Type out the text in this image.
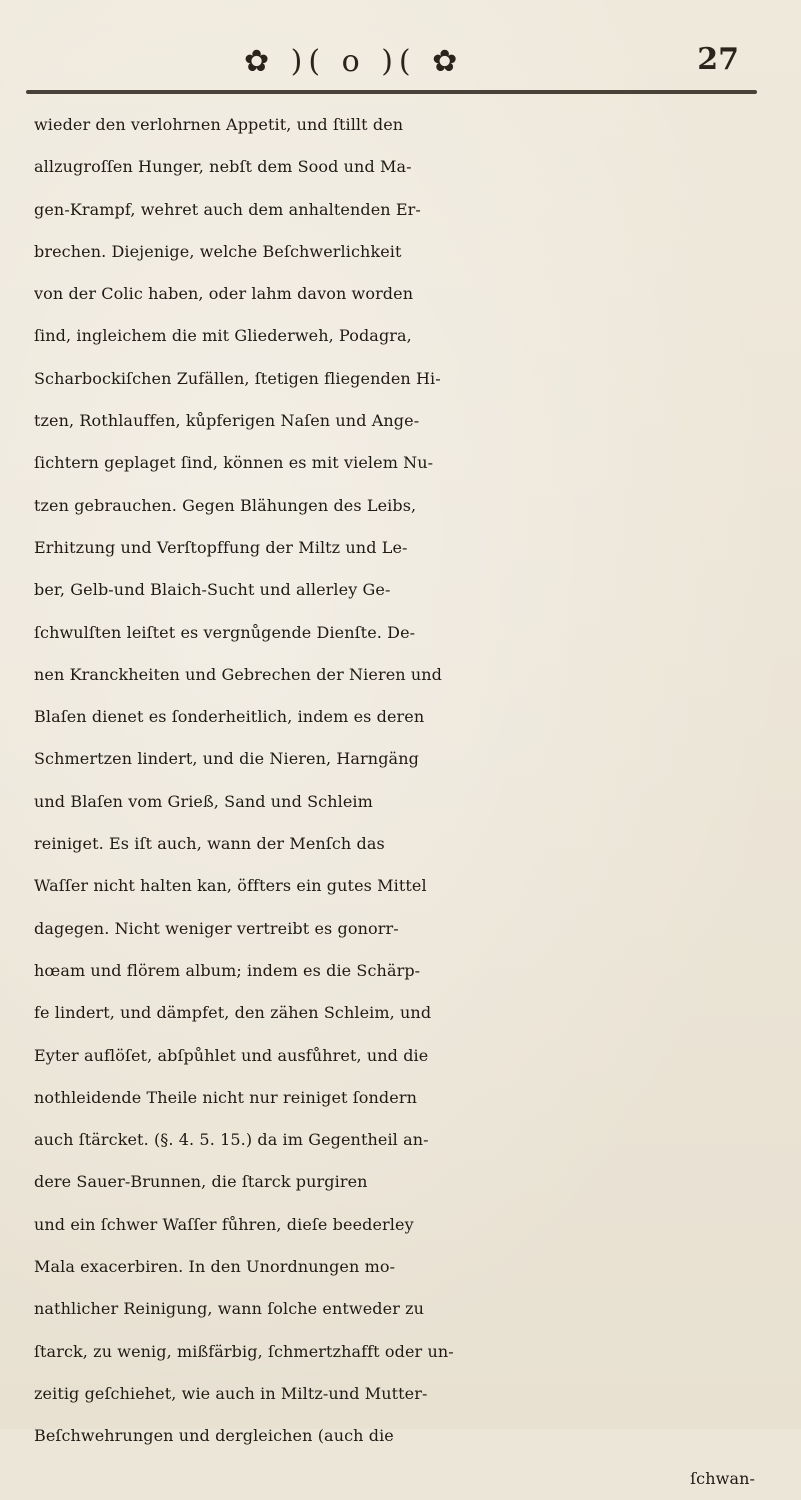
✿ )( o )( ✿	27
wieder den verlohrnen Appetit, und ſtillt den
allzugroſſen Hunger, nebſt dem Sood und Ma-
gen-Krampf, wehret auch dem anhaltenden Er-
brechen. Diejenige, welche Beſchwerlichkeit
von der Colic haben, oder lahm davon worden
ſind, ingleichem die mit Gliederweh, Podagra,
Scharbockiſchen Zufällen, ſtetigen fliegenden Hi-
tzen, Rothlauffen, kůpferigen Naſen und Ange-
ſichtern geplaget ſind, können es mit vielem Nu-
tzen gebrauchen. Gegen Blähungen des Leibs,
Erhitzung und Verſtopffung der Miltz und Le-
ber, Gelb-und Blaich-Sucht und allerley Ge-
ſchwulſten leiſtet es vergnůgende Dienſte. De-
nen Kranckheiten und Gebrechen der Nieren und
Blaſen dienet es ſonderheitlich, indem es deren
Schmertzen lindert, und die Nieren, Harngäng
und Blaſen vom Grieß, Sand und Schleim
reiniget. Es iſt auch, wann der Menſch das
Waſſer nicht halten kan, öffters ein gutes Mittel
dagegen. Nicht weniger vertreibt es gonorr-
hœam und flörem album; indem es die Schärp-
fe lindert, und dämpfet, den zähen Schleim, und
Eyter auflöſet, abſpůhlet und ausfůhret, und die
nothleidende Theile nicht nur reiniget ſondern
auch ſtärcket. (§. 4. 5. 15.) da im Gegentheil an-
dere Sauer-Brunnen, die ſtarck purgiren
und ein ſchwer Waſſer fůhren, dieſe beederley
Mala exacerbiren. In den Unordnungen mo-
nathlicher Reinigung, wann ſolche entweder zu
ſtarck, zu wenig, mißfärbig, ſchmertzhafft oder un-
zeitig geſchiehet, wie auch in Miltz-und Mutter-
Beſchwehrungen und dergleichen (auch die
ſchwan-
